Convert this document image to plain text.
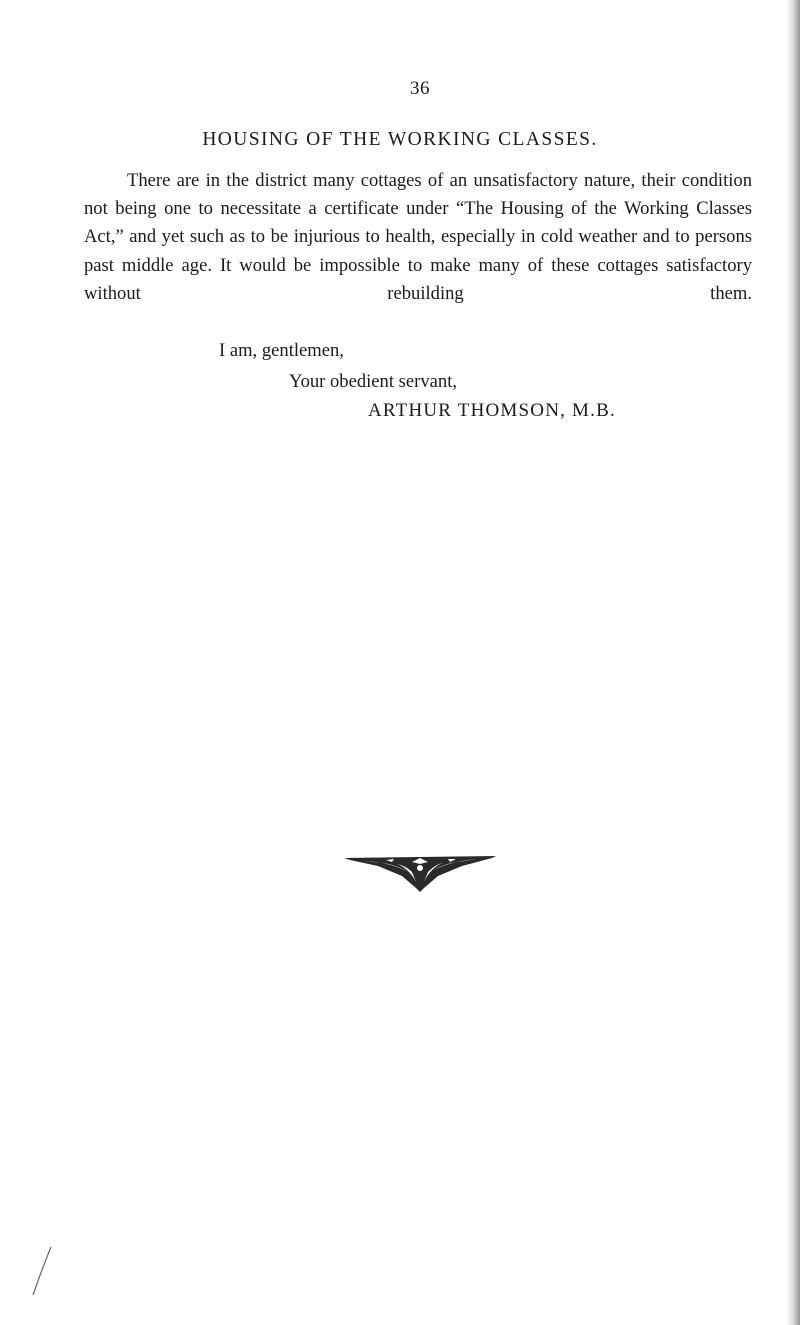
36
HOUSING OF THE WORKING CLASSES.

There are in the district many cottages of an unsatisfactory nature, their condition not being one to necessitate a certificate under “The Housing of the Working Classes Act,” and yet such as to be injurious to health, especially in cold weather and to persons past middle age. It would be impossible to make many of these cottages satisfactory without rebuilding them.

I am, gentlemen,
Your obedient servant,
ARTHUR THOMSON, M.B.
